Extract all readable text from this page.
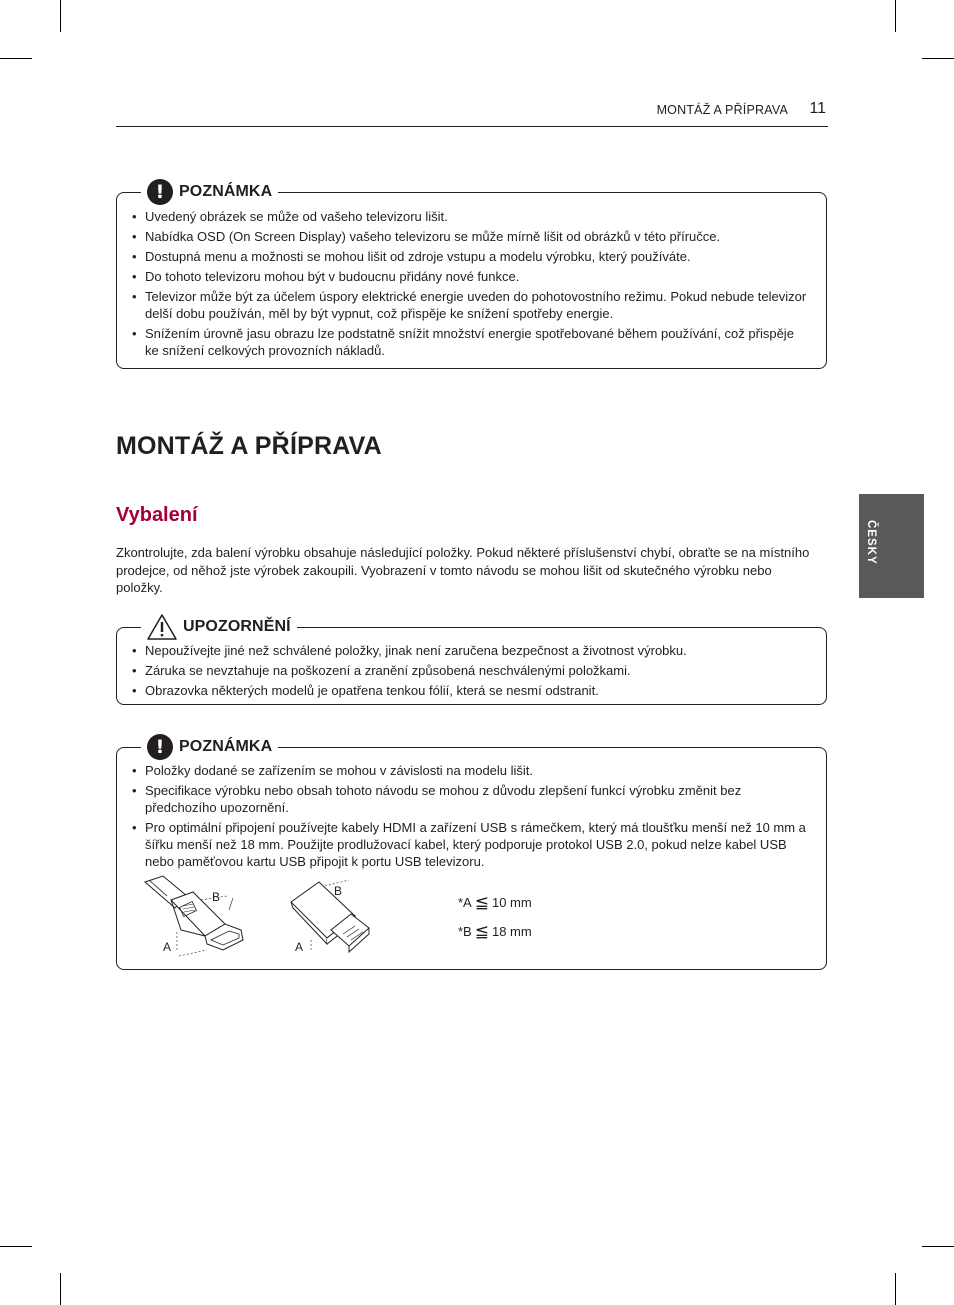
MONTÁŽ A PŘÍPRAVA 11
ČESKY
! POZNÁMKA
• Uvedený obrázek se může od vašeho televizoru lišit.
• Nabídka OSD (On Screen Display) vašeho televizoru se může mírně lišit od obrázků v této příručce.
• Dostupná menu a možnosti se mohou lišit od zdroje vstupu a modelu výrobku, který používáte.
• Do tohoto televizoru mohou být v budoucnu přidány nové funkce.
• Televizor může být za účelem úspory elektrické energie uveden do pohotovostního režimu. Pokud nebude televizor delší dobu používán, měl by být vypnut, což přispěje ke snížení spotřeby energie.
• Snížením úrovně jasu obrazu lze podstatně snížit množství energie spotřebované během používání, což přispěje ke snížení celkových provozních nákladů.
MONTÁŽ A PŘÍPRAVA
Vybalení

Zkontrolujte, zda balení výrobku obsahuje následující položky. Pokud některé příslušenství chybí, obraťte se na místního prodejce, od něhož jste výrobek zakoupili. Vyobrazení v tomto návodu se mohou lišit od skutečného výrobku nebo položky.

UPOZORNĚNÍ
• Nepoužívejte jiné než schválené položky, jinak není zaručena bezpečnost a životnost výrobku.
• Záruka se nevztahuje na poškození a zranění způsobená neschválenými položkami.
• Obrazovka některých modelů je opatřena tenkou fólií, která se nesmí odstranit.
! POZNÁMKA
• Položky dodané se zařízením se mohou v závislosti na modelu lišit.
• Specifikace výrobku nebo obsah tohoto návodu se mohou z důvodu zlepšení funkcí výrobku změnit bez předchozího upozornění.
• Pro optimální připojení používejte kabely HDMI a zařízení USB s rámečkem, který má tloušťku menší než 10 mm a šířku menší než 18 mm. Použijte prodlužovací kabel, který podporuje protokol USB 2.0, pokud nelze kabel USB nebo paměťovou kartu USB připojit k portu USB televizoru.
B
A
B
A
*A ≦ 10 mm
*B ≦ 18 mm
